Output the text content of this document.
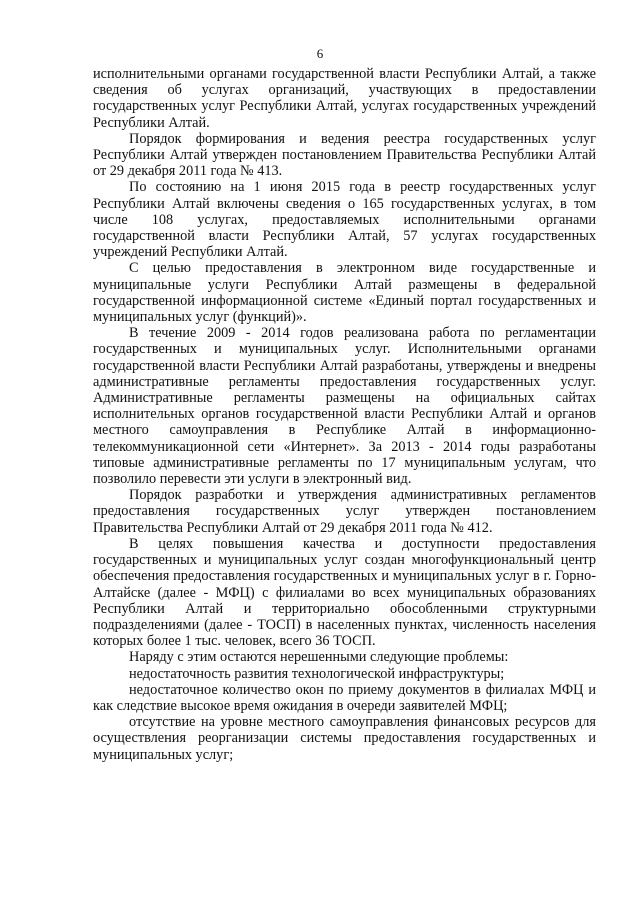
6

исполнительными органами государственной власти Республики Алтай, а также сведения об услугах организаций, участвующих в предоставлении государственных услуг Республики Алтай, услугах государственных учреждений Республики Алтай.

Порядок формирования и ведения реестра государственных услуг Республики Алтай утвержден постановлением Правительства Республики Алтай от 29 декабря 2011 года № 413.

По состоянию на 1 июня 2015 года в реестр государственных услуг Республики Алтай включены сведения о 165 государственных услугах, в том числе 108 услугах, предоставляемых исполнительными органами государственной власти Республики Алтай, 57 услугах государственных учреждений Республики Алтай.

С целью предоставления в электронном виде государственные и муниципальные услуги Республики Алтай размещены в федеральной государственной информационной системе «Единый портал государственных и муниципальных услуг (функций)».

В течение 2009 - 2014 годов реализована работа по регламентации государственных и муниципальных услуг. Исполнительными органами государственной власти Республики Алтай разработаны, утверждены и внедрены административные регламенты предоставления государственных услуг. Административные регламенты размещены на официальных сайтах исполнительных органов государственной власти Республики Алтай и органов местного самоуправления в Республике Алтай в информационно-телекоммуникационной сети «Интернет». За 2013 - 2014 годы разработаны типовые административные регламенты по 17 муниципальным услугам, что позволило перевести эти услуги в электронный вид.

Порядок разработки и утверждения административных регламентов предоставления государственных услуг утвержден постановлением Правительства Республики Алтай от 29 декабря 2011 года № 412.

В целях повышения качества и доступности предоставления государственных и муниципальных услуг создан многофункциональный центр обеспечения предоставления государственных и муниципальных услуг в г. Горно-Алтайске (далее - МФЦ) с филиалами во всех муниципальных образованиях Республики Алтай и территориально обособленными структурными подразделениями (далее - ТОСП) в населенных пунктах, численность населения которых более 1 тыс. человек, всего 36 ТОСП.

Наряду с этим остаются нерешенными следующие проблемы:

недостаточность развития технологической инфраструктуры;

недостаточное количество окон по приему документов в филиалах МФЦ и как следствие высокое время ожидания в очереди заявителей МФЦ;

отсутствие на уровне местного самоуправления финансовых ресурсов для осуществления реорганизации системы предоставления государственных и муниципальных услуг;
